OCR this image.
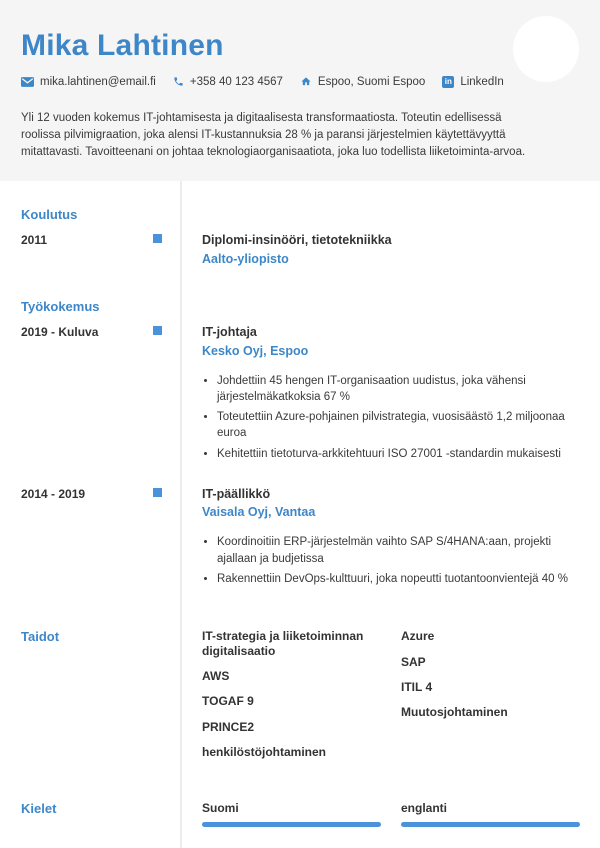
Mika Lahtinen
mika.lahtinen@email.fi	+358 40 123 4567	Espoo, Suomi Espoo	in LinkedIn

Yli 12 vuoden kokemus IT-johtamisesta ja digitaalisesta transformaatiosta. Toteutin edellisessä roolissa pilvimigraation, joka alensi IT-kustannuksia 28 % ja paransi järjestelmien käytettävyyttä mitattavasti. Tavoitteenani on johtaa teknologiaorganisaatiota, joka luo todellista liiketoiminta-arvoa.

Koulutus
2011	Diplomi-insinööri, tietotekniikka
Aalto-yliopisto
Työkokemus
2019 - Kuluva	IT-johtaja
Kesko Oyj, Espoo
• Johdettiin 45 hengen IT-organisaation uudistus, joka vähensi järjestelmäkatkoksia 67 %
• Toteutettiin Azure-pohjainen pilvistrategia, vuosisäästö 1,2 miljoonaa euroa
• Kehitettiin tietoturva-arkkitehtuuri ISO 27001 -standardin mukaisesti
2014 - 2019	IT-päällikkö
Vaisala Oyj, Vantaa
• Koordinoitiin ERP-järjestelmän vaihto SAP S/4HANA:aan, projekti ajallaan ja budjetissa
• Rakennettiin DevOps-kulttuuri, joka nopeutti tuotantoonvientejä 40 %
Taidot	IT-strategia ja liiketoiminnan digitalisaatio
AWS
TOGAF 9
PRINCE2
henkilöstöjohtaminen
Azure
SAP
ITIL 4
Muutosjohtaminen
Kielet	Suomi	englanti
